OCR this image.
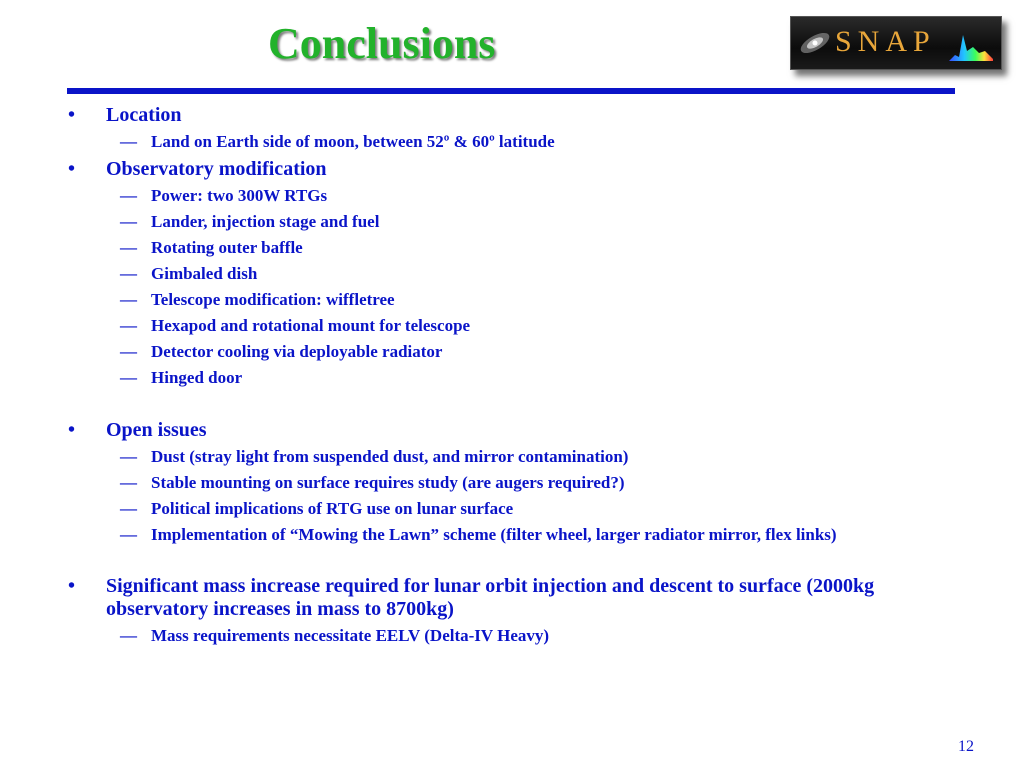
Conclusions	SNAP
• Location
— Land on Earth side of moon, between 52º & 60º latitude
• Observatory modification
— Power: two 300W RTGs
— Lander, injection stage and fuel
— Rotating outer baffle
— Gimbaled dish
— Telescope modification: wiffletree
— Hexapod and rotational mount for telescope
— Detector cooling via deployable radiator
— Hinged door
• Open issues
— Dust (stray light from suspended dust, and mirror contamination)
— Stable mounting on surface requires study (are augers required?)
— Political implications of RTG use on lunar surface
— Implementation of “Mowing the Lawn” scheme (filter wheel, larger radiator mirror, flex links)
• Significant mass increase required for lunar orbit injection and descent to surface (2000kg observatory increases in mass to 8700kg)
— Mass requirements necessitate EELV (Delta-IV Heavy)
12
